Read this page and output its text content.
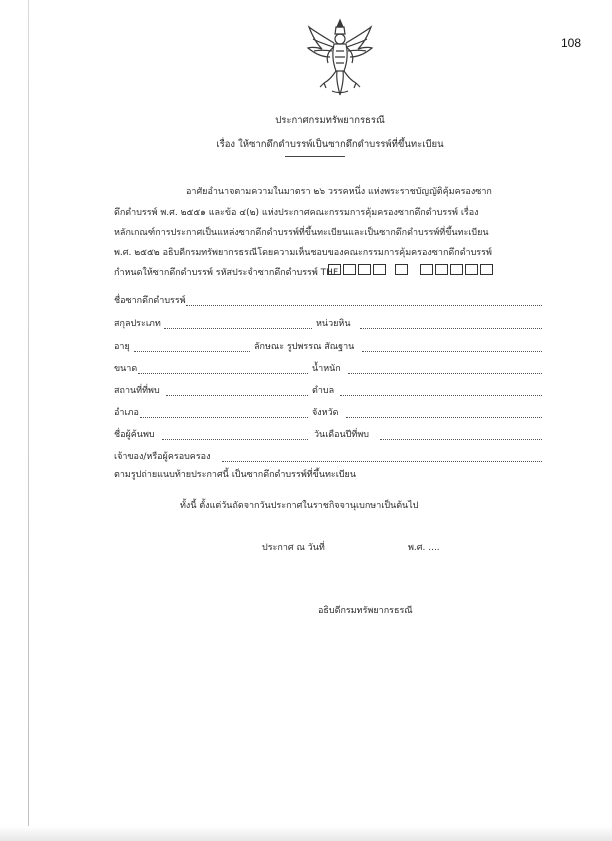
108
ประกาศกรมทรัพยากรธรณี
เรื่อง ให้ซากดึกดำบรรพ์เป็นซากดึกดำบรรพ์ที่ขึ้นทะเบียน
อาศัยอำนาจตามความในมาตรา ๒๖ วรรคหนึ่ง แห่งพระราชบัญญัติคุ้มครองซาก
ดึกดำบรรพ์ พ.ศ. ๒๕๕๑ และข้อ ๔(๒) แห่งประกาศคณะกรรมการคุ้มครองซากดึกดำบรรพ์ เรื่อง
หลักเกณฑ์การประกาศเป็นแหล่งซากดึกดำบรรพ์ที่ขึ้นทะเบียนและเป็นซากดึกดำบรรพ์ที่ขึ้นทะเบียน
พ.ศ. ๒๕๕๒ อธิบดีกรมทรัพยากรธรณีโดยความเห็นชอบของคณะกรรมการคุ้มครองซากดึกดำบรรพ์
กำหนดให้ซากดึกดำบรรพ์ รหัสประจำซากดึกดำบรรพ์ THF
ชื่อซากดึกดำบรรพ์
สกุลประเภท	หน่วยหิน
อายุ	ลักษณะ รูปพรรณ สัณฐาน
ขนาด	น้ำหนัก
สถานที่ที่พบ	ตำบล
อำเภอ	จังหวัด
ชื่อผู้ค้นพบ	วันเดือนปีที่พบ
เจ้าของ/หรือผู้ครอบครอง
ตามรูปถ่ายแนบท้ายประกาศนี้ เป็นซากดึกดำบรรพ์ที่ขึ้นทะเบียน
ทั้งนี้ ตั้งแต่วันถัดจากวันประกาศในราชกิจจานุเบกษาเป็นต้นไป
ประกาศ ณ วันที่	พ.ศ. ....
อธิบดีกรมทรัพยากรธรณี
